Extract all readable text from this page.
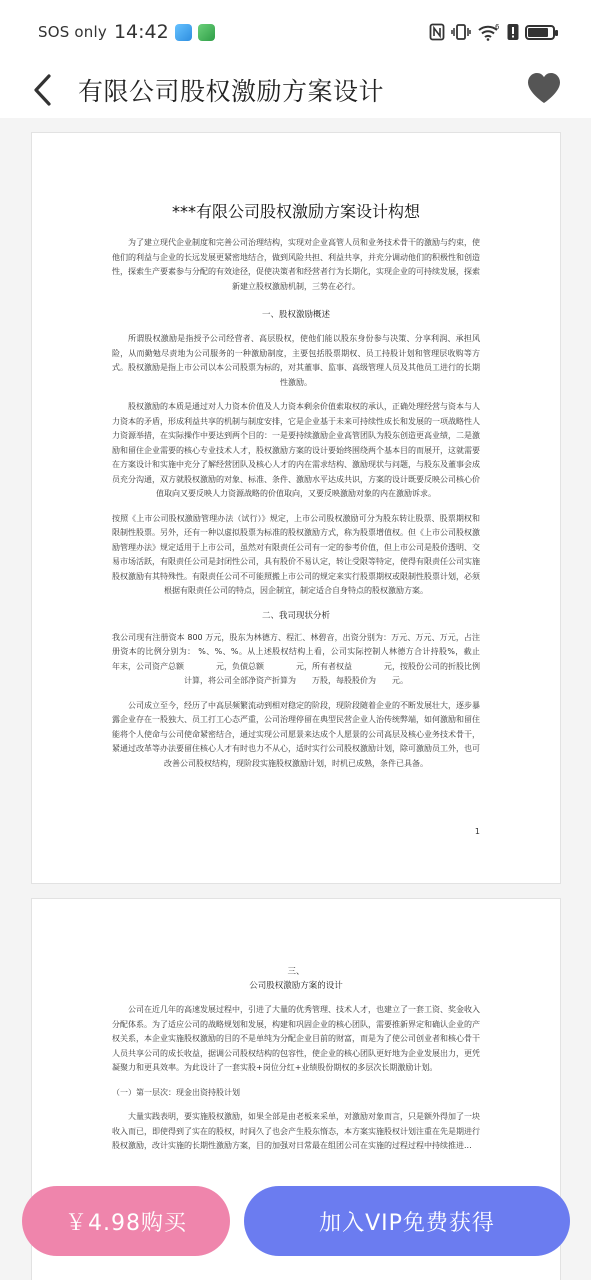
SOS only 14:42	6
有限公司股权激励方案设计
***有限公司股权激励方案设计构想
为了建立现代企业制度和完善公司治理结构，实现对企业高管人员和业务技术骨干的激励与约束，使他们的利益与企业的长远发展更紧密地结合，做到风险共担、利益共享，并充分调动他们的积极性和创造性，探索生产要素参与分配的有效途径，促使决策者和经营者行为长期化，实现企业的可持续发展，探索新建立股权激励机制，三势在必行。
一、股权激励概述
所谓股权激励是指授予公司经营者、高层股权，使他们能以股东身份参与决策、分享利润、承担风险，从而勤勉尽责地为公司服务的一种激励制度，主要包括股票期权、员工持股计划和管理层收购等方式。股权激励是指上市公司以本公司股票为标的，对其董事、监事、高级管理人员及其他员工进行的长期性激励。
股权激励的本质是通过对人力资本价值及人力资本剩余价值索取权的承认，正确处理经营与资本与人力资本的矛盾，形成利益共享的机制与制度安排，它是企业基于未来可持续性成长和发展的一项战略性人力资源举措，在实际操作中要达到两个目的：一是要持续激励企业高管团队为股东创造更高业绩，二是激励和留住企业需要的核心专业技术人才，股权激励方案的设计要始终围绕两个基本目的而展开，这就需要在方案设计和实施中充分了解经营团队及核心人才的内在需求结构、激励现状与问题，与股东及董事会成员充分沟通，双方就股权激励的对象、标准、条件、激励水平达成共识，方案的设计既要反映公司核心价值取向又要反映人力资源战略的价值取向，又要反映激励对象的内在激励诉求。
按照《上市公司股权激励管理办法（试行）》规定，上市公司股权激励可分为股东转让股票、股票期权和限制性股票。另外，还有一种以虚拟股票为标准的股权激励方式，称为股票增值权。但《上市公司股权激励管理办法》规定适用于上市公司，虽然对有限责任公司有一定的参考价值，但上市公司是股价透明、交易市场活跃，有限责任公司是封闭性公司，具有股价不易认定，转让受限等特定，使得有限责任公司实施股权激励有其特殊性。有限责任公司不可能照搬上市公司的规定来实行股票期权或限制性股票计划，必须根据有限责任公司的特点，因企制宜，制定适合自身特点的股权激励方案。
二、我司现状分析
我公司现有注册资本 800 万元，股东为林德方、程汇、林碧音，出资分别为：万元、万元、万元，占注册资本的比例分别为： %、%、%。从上述股权结构上看，公司实际控制人林德方合计持股%，截止　　年末，公司资产总额　　　　元，负债总额　　　　元，所有者权益　　　　元，按股份公司的折股比例计算，将公司全部净资产折算为　　万股，每股股价为　　元。
公司成立至今，经历了中高层频繁流动到相对稳定的阶段，现阶段随着企业的不断发展壮大，逐步暴露企业存在一股独大、员工打工心态严重，公司治理停留在典型民营企业人治传统弊端，如何激励和留住能将个人使命与公司使命紧密结合，通过实现公司愿景来达成个人愿景的公司高层及核心业务技术骨干，紧通过改革等办法要留住核心人才有时也力不从心，适时实行公司股权激励计划，除可激励员工外，也可改善公司股权结构，现阶段实施股权激励计划，时机已成熟，条件已具备。
1
三、
公司股权激励方案的设计
公司在近几年的高速发展过程中，引进了大量的优秀管理、技术人才，也建立了一套工资、奖金收入分配体系。为了适应公司的战略规划和发展，构建和巩固企业的核心团队，需要推新界定和确认企业的产权关系，本企业实施股权激励的目的不是单纯为分配企业目前的财富，而是为了使公司创业者和核心骨干人员共享公司的成长收益，据调公司股权结构的包容性，使企业的核心团队更好地为企业发展出力，更凭凝聚力和更具效率。为此设计了一套实股+岗位分红+业绩股份期权的多层次长期激励计划。
（一）第一层次：现金出资持股计划
大量实践表明，要实施股权激励，如果全部是由老板来采单，对激励对象而言，只是额外得加了一块收入而已，即使得到了实在的股权，时间久了也会产生股东惰态，本方案实施股权计划注重在先是期进行股权激励，改计实施的长期性激励方案，目的加强对日常最在组团公司在实施的过程过程中持续推进...
￥4.98购买	加入VIP免费获得
